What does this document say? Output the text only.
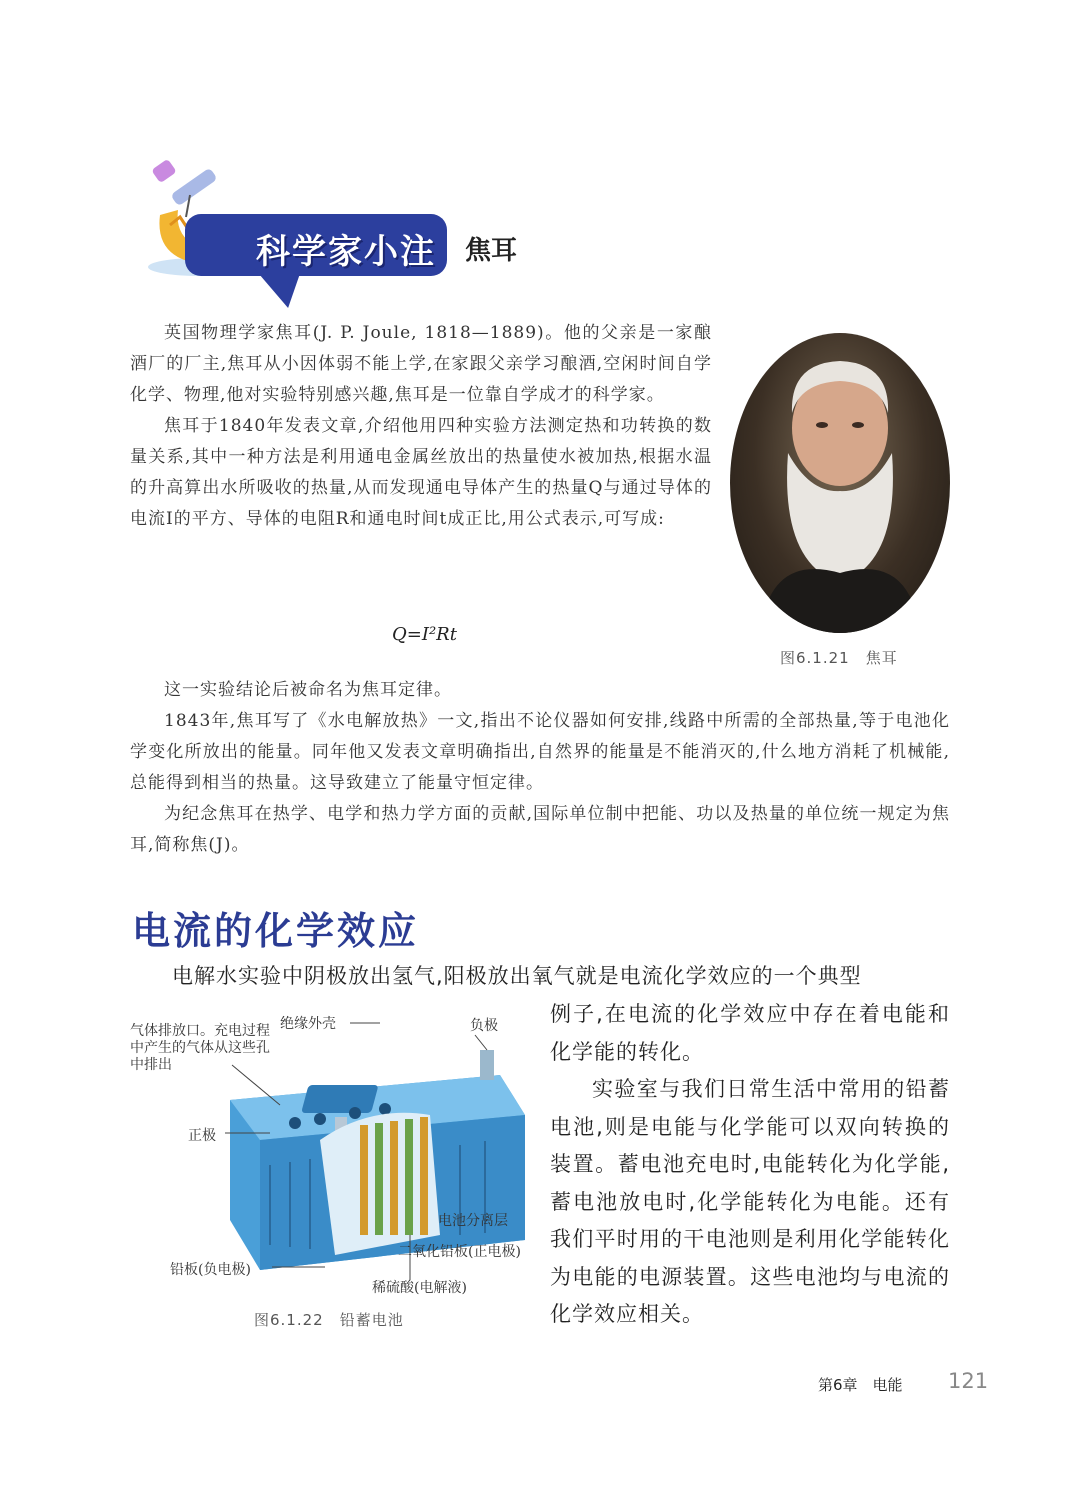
科学家小注 焦耳

英国物理学家焦耳(J. P. Joule, 1818—1889)。他的父亲是一家酿酒厂的厂主,焦耳从小因体弱不能上学,在家跟父亲学习酿酒,空闲时间自学化学、物理,他对实验特别感兴趣,焦耳是一位靠自学成才的科学家。

焦耳于1840年发表文章,介绍他用四种实验方法测定热和功转换的数量关系,其中一种方法是利用通电金属丝放出的热量使水被加热,根据水温的升高算出水所吸收的热量,从而发现通电导体产生的热量Q与通过导体的电流I的平方、导体的电阻R和通电时间t成正比,用公式表示,可写成:

Q=I²Rt
图6.1.21　焦耳

这一实验结论后被命名为焦耳定律。

1843年,焦耳写了《水电解放热》一文,指出不论仪器如何安排,线路中所需的全部热量,等于电池化学变化所放出的能量。同年他又发表文章明确指出,自然界的能量是不能消灭的,什么地方消耗了机械能,总能得到相当的热量。这导致建立了能量守恒定律。

为纪念焦耳在热学、电学和热力学方面的贡献,国际单位制中把能、功以及热量的单位统一规定为焦耳,简称焦(J)。

电流的化学效应
电解水实验中阴极放出氢气,阳极放出氧气就是电流化学效应的一个典型

例子,在电流的化学效应中存在着电能和化学能的转化。

实验室与我们日常生活中常用的铅蓄电池,则是电能与化学能可以双向转换的装置。蓄电池充电时,电能转化为化学能,蓄电池放电时,化学能转化为电能。还有我们平时用的干电池则是利用化学能转化为电能的电源装置。这些电池均与电流的化学效应相关。

气体排放口。充电过程中产生的气体从这些孔中排出
绝缘外壳	负极
正极
电池分离层
二氧化铅板(正电极)
铅板(负电极)
稀硫酸(电解液)
图6.1.22　铅蓄电池
第6章　电能 121
